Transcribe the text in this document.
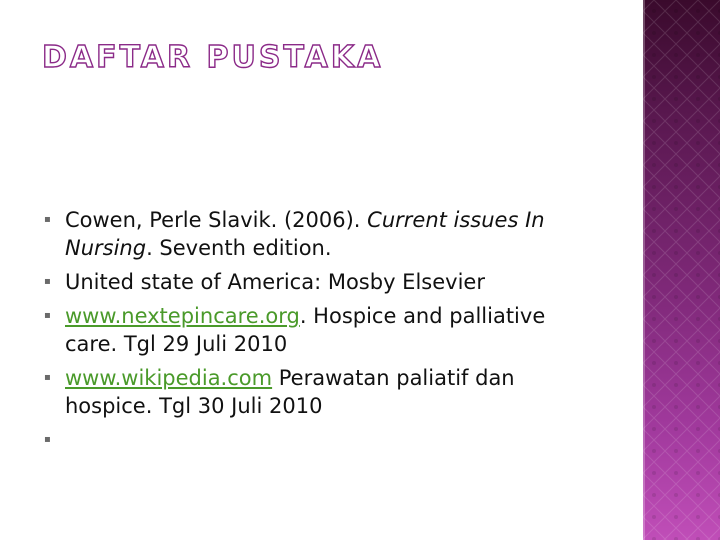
DAFTAR PUSTAKA
▪ Cowen, Perle Slavik. (2006). Current issues In Nursing. Seventh edition.
▪ United state of America: Mosby Elsevier
▪ www.nextepincare.org. Hospice and palliative care. Tgl 29 Juli 2010
▪ www.wikipedia.com Perawatan paliatif dan hospice. Tgl 30 Juli 2010
▪
